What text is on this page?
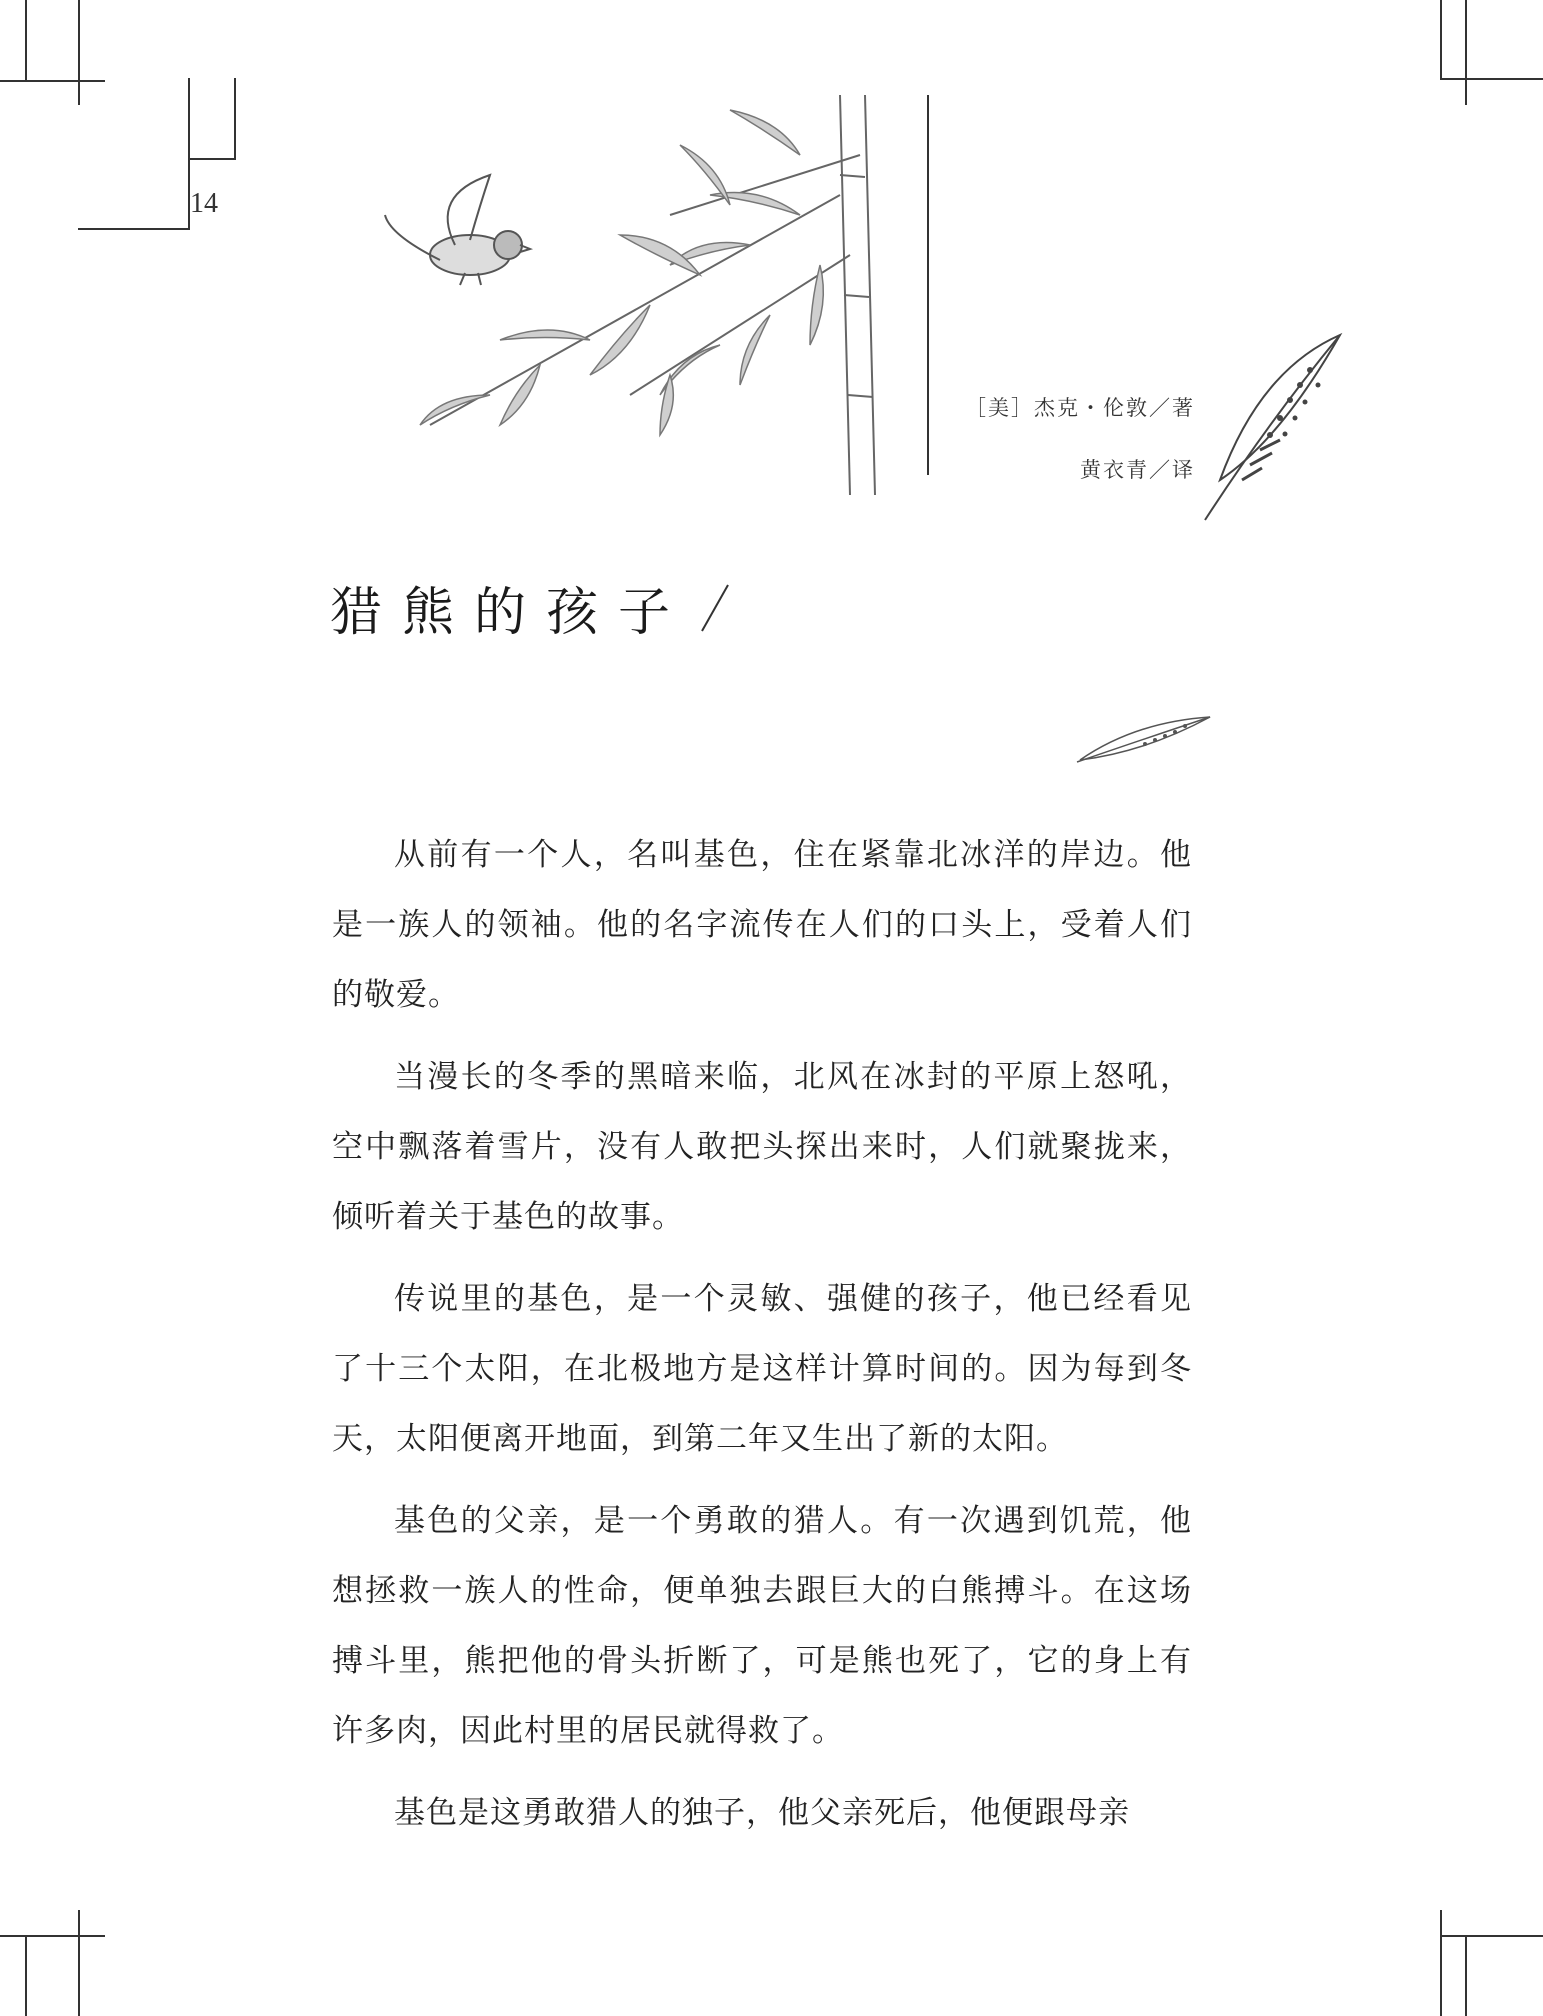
14
［美］杰克・伦敦／著
黄衣青／译
猎熊的孩子

从前有一个人，名叫基色，住在紧靠北冰洋的岸边。他是一族人的领袖。他的名字流传在人们的口头上，受着人们的敬爱。

当漫长的冬季的黑暗来临，北风在冰封的平原上怒吼，空中飘落着雪片，没有人敢把头探出来时，人们就聚拢来，倾听着关于基色的故事。

传说里的基色，是一个灵敏、强健的孩子，他已经看见了十三个太阳，在北极地方是这样计算时间的。因为每到冬天，太阳便离开地面，到第二年又生出了新的太阳。

基色的父亲，是一个勇敢的猎人。有一次遇到饥荒，他想拯救一族人的性命，便单独去跟巨大的白熊搏斗。在这场搏斗里，熊把他的骨头折断了，可是熊也死了，它的身上有许多肉，因此村里的居民就得救了。

基色是这勇敢猎人的独子，他父亲死后，他便跟母亲
